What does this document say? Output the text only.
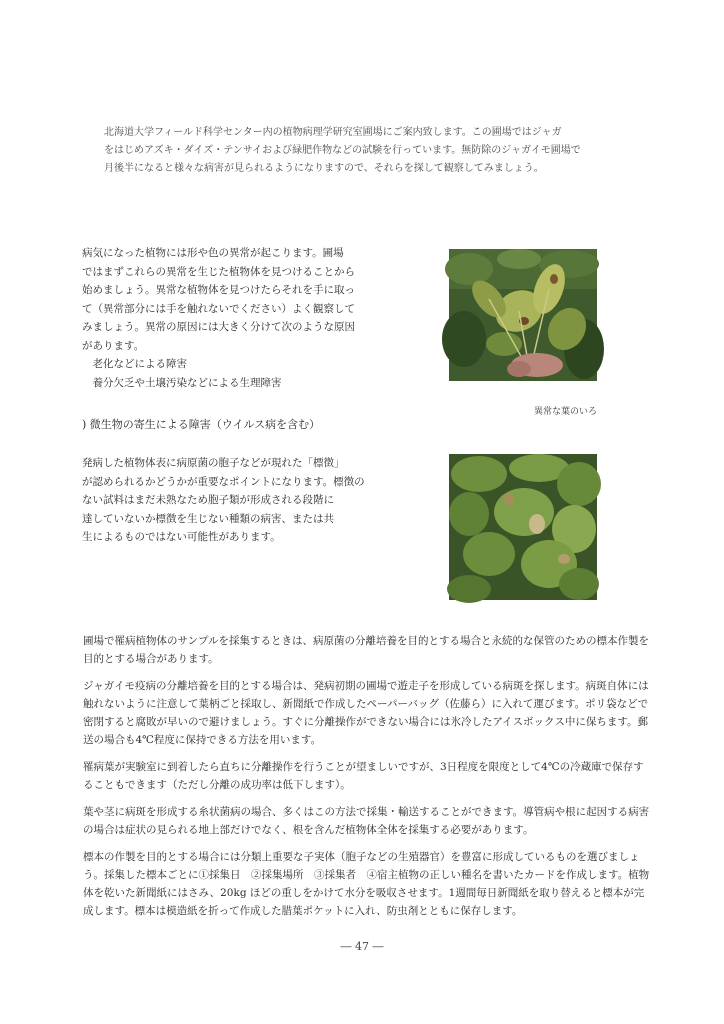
北海道大学フィールド科学センター内の植物病理学研究室圃場にご案内致します。この圃場ではジャガ
をはじめアズキ・ダイズ・テンサイおよび緑肥作物などの試験を行っています。無防除のジャガイモ圃場で
月後半になると様々な病害が見られるようになりますので、それらを探して観察してみましょう。
病気になった植物には形や色の異常が起こります。圃場
ではまずこれらの異常を生じた植物体を見つけることから
始めましょう。異常な植物体を見つけたらそれを手に取っ
て（異常部分には手を触れないでください）よく観察して
みましょう。異常の原因には大きく分けて次のような原因
があります。
　老化などによる障害
　養分欠乏や土壌汚染などによる生理障害
) 微生物の寄生による障害（ウイルス病を含む）
発病した植物体表に病原菌の胞子などが現れた「標徴」
が認められるかどうかが重要なポイントになります。標徴の
ない試料はまだ未熟なため胞子類が形成される段階に
達していないか標徴を生じない種類の病害、または共
生によるものではない可能性があります。
異常な葉のいろ

圃場で罹病植物体のサンプルを採集するときは、病原菌の分離培養を目的とする場合と永続的な保管のための標本作製を目的とする場合があります。

ジャガイモ疫病の分離培養を目的とする場合は、発病初期の圃場で遊走子を形成している病斑を探します。病斑自体には触れないように注意して葉柄ごと採取し、新聞紙で作成したペーパーバッグ（佐藤ら）に入れて運びます。ポリ袋などで密閉すると腐敗が早いので避けましょう。すぐに分離操作ができない場合には氷冷したアイスボックス中に保ちます。郵送の場合も4℃程度に保持できる方法を用います。

罹病葉が実験室に到着したら直ちに分離操作を行うことが望ましいですが、3日程度を限度として4℃の冷蔵庫で保存することもできます（ただし分離の成功率は低下します）。

葉や茎に病斑を形成する糸状菌病の場合、多くはこの方法で採集・輸送することができます。導管病や根に起因する病害の場合は症状の見られる地上部だけでなく、根を含んだ植物体全体を採集する必要があります。

標本の作製を目的とする場合には分類上重要な子実体（胞子などの生殖器官）を豊富に形成しているものを選びましょう。採集した標本ごとに①採集日　②採集場所　③採集者　④宿主植物の正しい種名を書いたカードを作成します。植物体を乾いた新聞紙にはさみ、20kg ほどの重しをかけて水分を吸収させます。1週間毎日新聞紙を取り替えると標本が完成します。標本は模造紙を折って作成した腊葉ポケットに入れ、防虫剤とともに保存します。

― 47 ―
